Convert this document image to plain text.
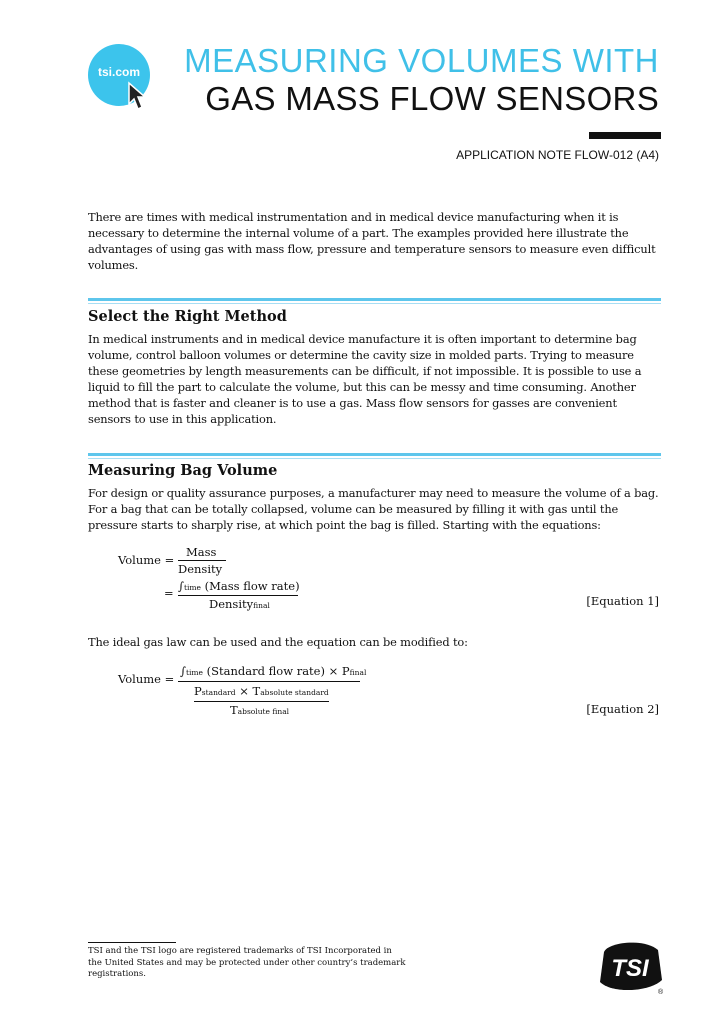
tsi.com	MEASURING VOLUMES WITH
GAS MASS FLOW SENSORS
APPLICATION NOTE FLOW-012 (A4)

There are times with medical instrumentation and in medical device manufacturing when it is necessary to determine the internal volume of a part. The examples provided here illustrate the advantages of using gas with mass flow, pressure and temperature sensors to measure even difficult volumes.

Select the Right Method

In medical instruments and in medical device manufacture it is often important to determine bag volume, control balloon volumes or determine the cavity size in molded parts. Trying to measure these geometries by length measurements can be difficult, if not impossible. It is possible to use a liquid to fill the part to calculate the volume, but this can be messy and time consuming. Another method that is faster and cleaner is to use a gas. Mass flow sensors for gasses are convenient sensors to use in this application.

Measuring Bag Volume

For design or quality assurance purposes, a manufacturer may need to measure the volume of a bag. For a bag that can be totally collapsed, volume can be measured by filling it with gas until the pressure starts to sharply rise, at which point the bag is filled. Starting with the equations:

Volume =
Mass
Density
= ∫time (Mass flow rate)
Densityfinal	[Equation 1]

The ideal gas law can be used and the equation can be modified to:

Volume =
∫time (Standard flow rate) × Pfinal
Pstandard × Tabsolute standard
Tabsolute final	[Equation 2]

TSI and the TSI logo are registered trademarks of TSI Incorporated in the United States and may be protected under other country’s trademark registrations.	TSI
®
